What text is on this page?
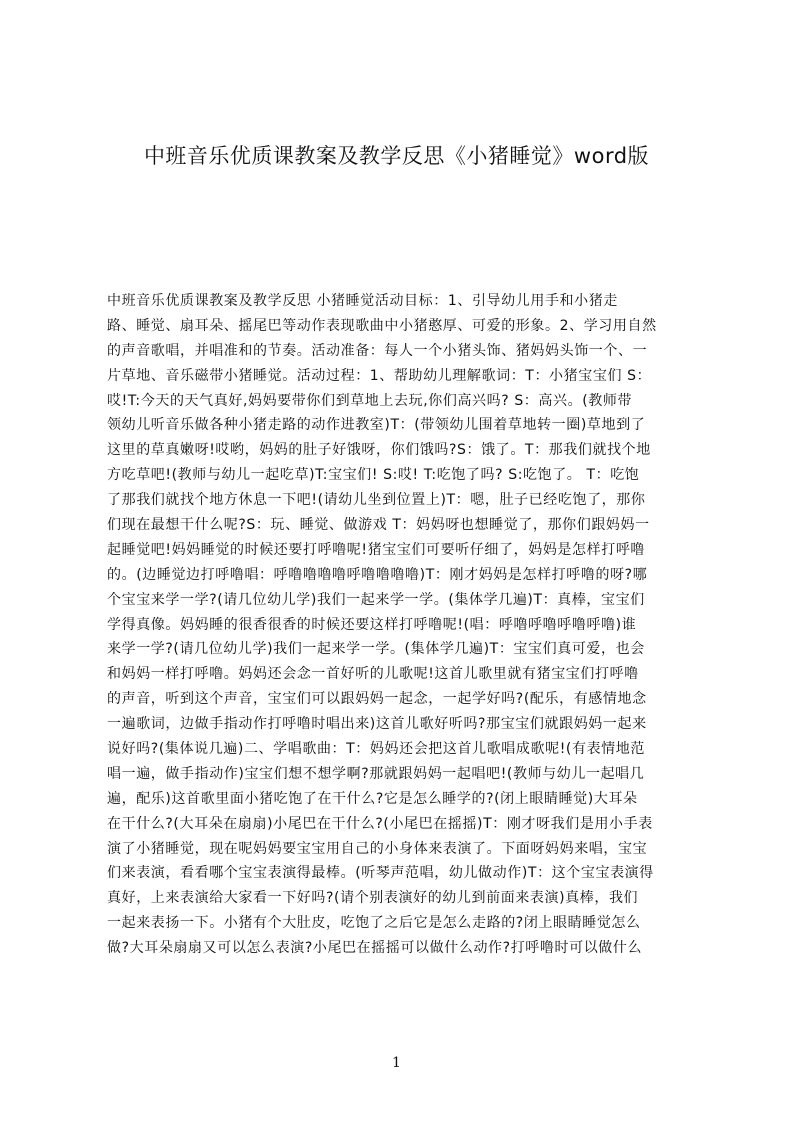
中班音乐优质课教案及教学反思《小猪睡觉》word版
中班音乐优质课教案及教学反思 小猪睡觉活动目标：1、引导幼儿用手和小猪走
路、睡觉、扇耳朵、摇尾巴等动作表现歌曲中小猪憨厚、可爱的形象。2、学习用自然
的声音歌唱，并唱准和的节奏。活动准备：每人一个小猪头饰、猪妈妈头饰一个、一
片草地、音乐磁带小猪睡觉。活动过程：1、帮助幼儿理解歌词：T：小猪宝宝们 S：
哎!T:今天的天气真好,妈妈要带你们到草地上去玩,你们高兴吗? S：高兴。(教师带
领幼儿听音乐做各种小猪走路的动作进教室)T：(带领幼儿围着草地转一圈)草地到了
这里的草真嫩呀!哎哟，妈妈的肚子好饿呀，你们饿吗?S：饿了。T：那我们就找个地
方吃草吧!(教师与幼儿一起吃草)T:宝宝们! S:哎! T:吃饱了吗? S:吃饱了。 T：吃饱
了那我们就找个地方休息一下吧!(请幼儿坐到位置上)T：嗯，肚子已经吃饱了，那你
们现在最想干什么呢?S：玩、睡觉、做游戏 T：妈妈呀也想睡觉了，那你们跟妈妈一
起睡觉吧!妈妈睡觉的时候还要打呼噜呢!猪宝宝们可要听仔细了，妈妈是怎样打呼噜
的。(边睡觉边打呼噜唱：呼噜噜噜噜呼噜噜噜噜)T：刚才妈妈是怎样打呼噜的呀?哪
个宝宝来学一学?(请几位幼儿学)我们一起来学一学。(集体学几遍)T：真棒，宝宝们
学得真像。妈妈睡的很香很香的时候还要这样打呼噜呢!(唱：呼噜呼噜呼噜呼噜)谁
来学一学?(请几位幼儿学)我们一起来学一学。(集体学几遍)T：宝宝们真可爱，也会
和妈妈一样打呼噜。妈妈还会念一首好听的儿歌呢!这首儿歌里就有猪宝宝们打呼噜
的声音，听到这个声音，宝宝们可以跟妈妈一起念，一起学好吗?(配乐，有感情地念
一遍歌词，边做手指动作打呼噜时唱出来)这首儿歌好听吗?那宝宝们就跟妈妈一起来
说好吗?(集体说几遍)二、学唱歌曲：T：妈妈还会把这首儿歌唱成歌呢!(有表情地范
唱一遍，做手指动作)宝宝们想不想学啊?那就跟妈妈一起唱吧!(教师与幼儿一起唱几
遍，配乐)这首歌里面小猪吃饱了在干什么?它是怎么睡学的?(闭上眼睛睡觉)大耳朵
在干什么?(大耳朵在扇扇)小尾巴在干什么?(小尾巴在摇摇)T：刚才呀我们是用小手表
演了小猪睡觉，现在呢妈妈要宝宝用自己的小身体来表演了。下面呀妈妈来唱，宝宝
们来表演，看看哪个宝宝表演得最棒。(听琴声范唱，幼儿做动作)T：这个宝宝表演得
真好，上来表演给大家看一下好吗?(请个别表演好的幼儿到前面来表演)真棒，我们
一起来表扬一下。小猪有个大肚皮，吃饱了之后它是怎么走路的?闭上眼睛睡觉怎么
做?大耳朵扇扇又可以怎么表演?小尾巴在摇摇可以做什么动作?打呼噜时可以做什么
1
